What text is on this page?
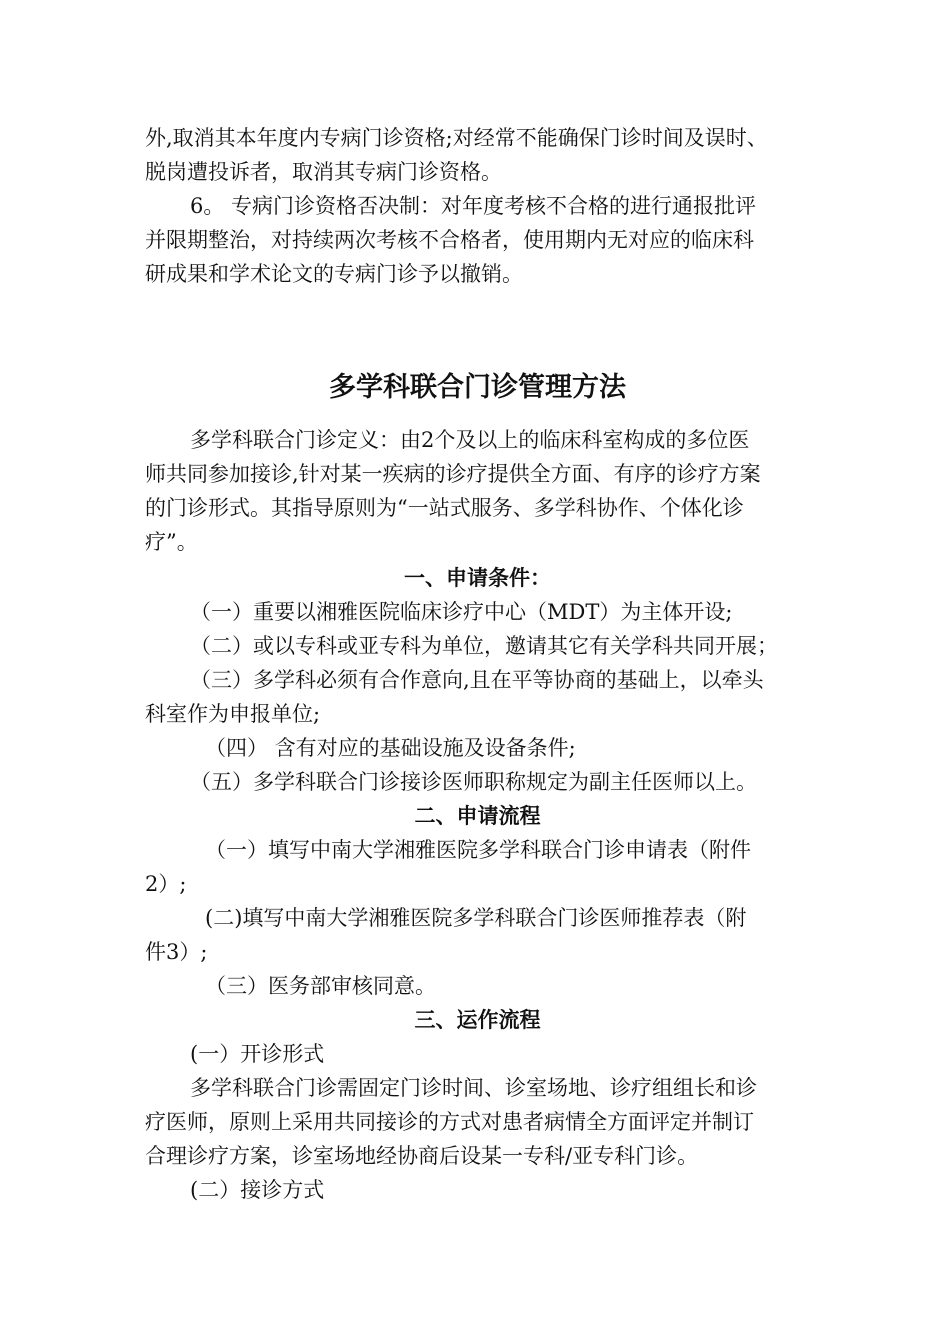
外,取消其本年度内专病门诊资格;对经常不能确保门诊时间及误时、
脱岗遭投诉者，取消其专病门诊资格。
6。 专病门诊资格否决制：对年度考核不合格的进行通报批评
并限期整治，对持续两次考核不合格者，使用期内无对应的临床科
研成果和学术论文的专病门诊予以撤销。
多学科联合门诊管理方法
多学科联合门诊定义：由2个及以上的临床科室构成的多位医
师共同参加接诊,针对某一疾病的诊疗提供全方面、有序的诊疗方案
的门诊形式。其指导原则为“一站式服务、多学科协作、个体化诊
疗”。
一、申请条件：
（一）重要以湘雅医院临床诊疗中心（MDT）为主体开设;
（二）或以专科或亚专科为单位，邀请其它有关学科共同开展；
（三）多学科必须有合作意向,且在平等协商的基础上，以牵头
科室作为申报单位;
（四） 含有对应的基础设施及设备条件;
（五）多学科联合门诊接诊医师职称规定为副主任医师以上。
二、申请流程
（一）填写中南大学湘雅医院多学科联合门诊申请表（附件
2）;
(二)填写中南大学湘雅医院多学科联合门诊医师推荐表（附
件3）;
（三）医务部审核同意。
三、运作流程
(一）开诊形式
多学科联合门诊需固定门诊时间、诊室场地、诊疗组组长和诊
疗医师，原则上采用共同接诊的方式对患者病情全方面评定并制订
合理诊疗方案，诊室场地经协商后设某一专科/亚专科门诊。
(二）接诊方式
